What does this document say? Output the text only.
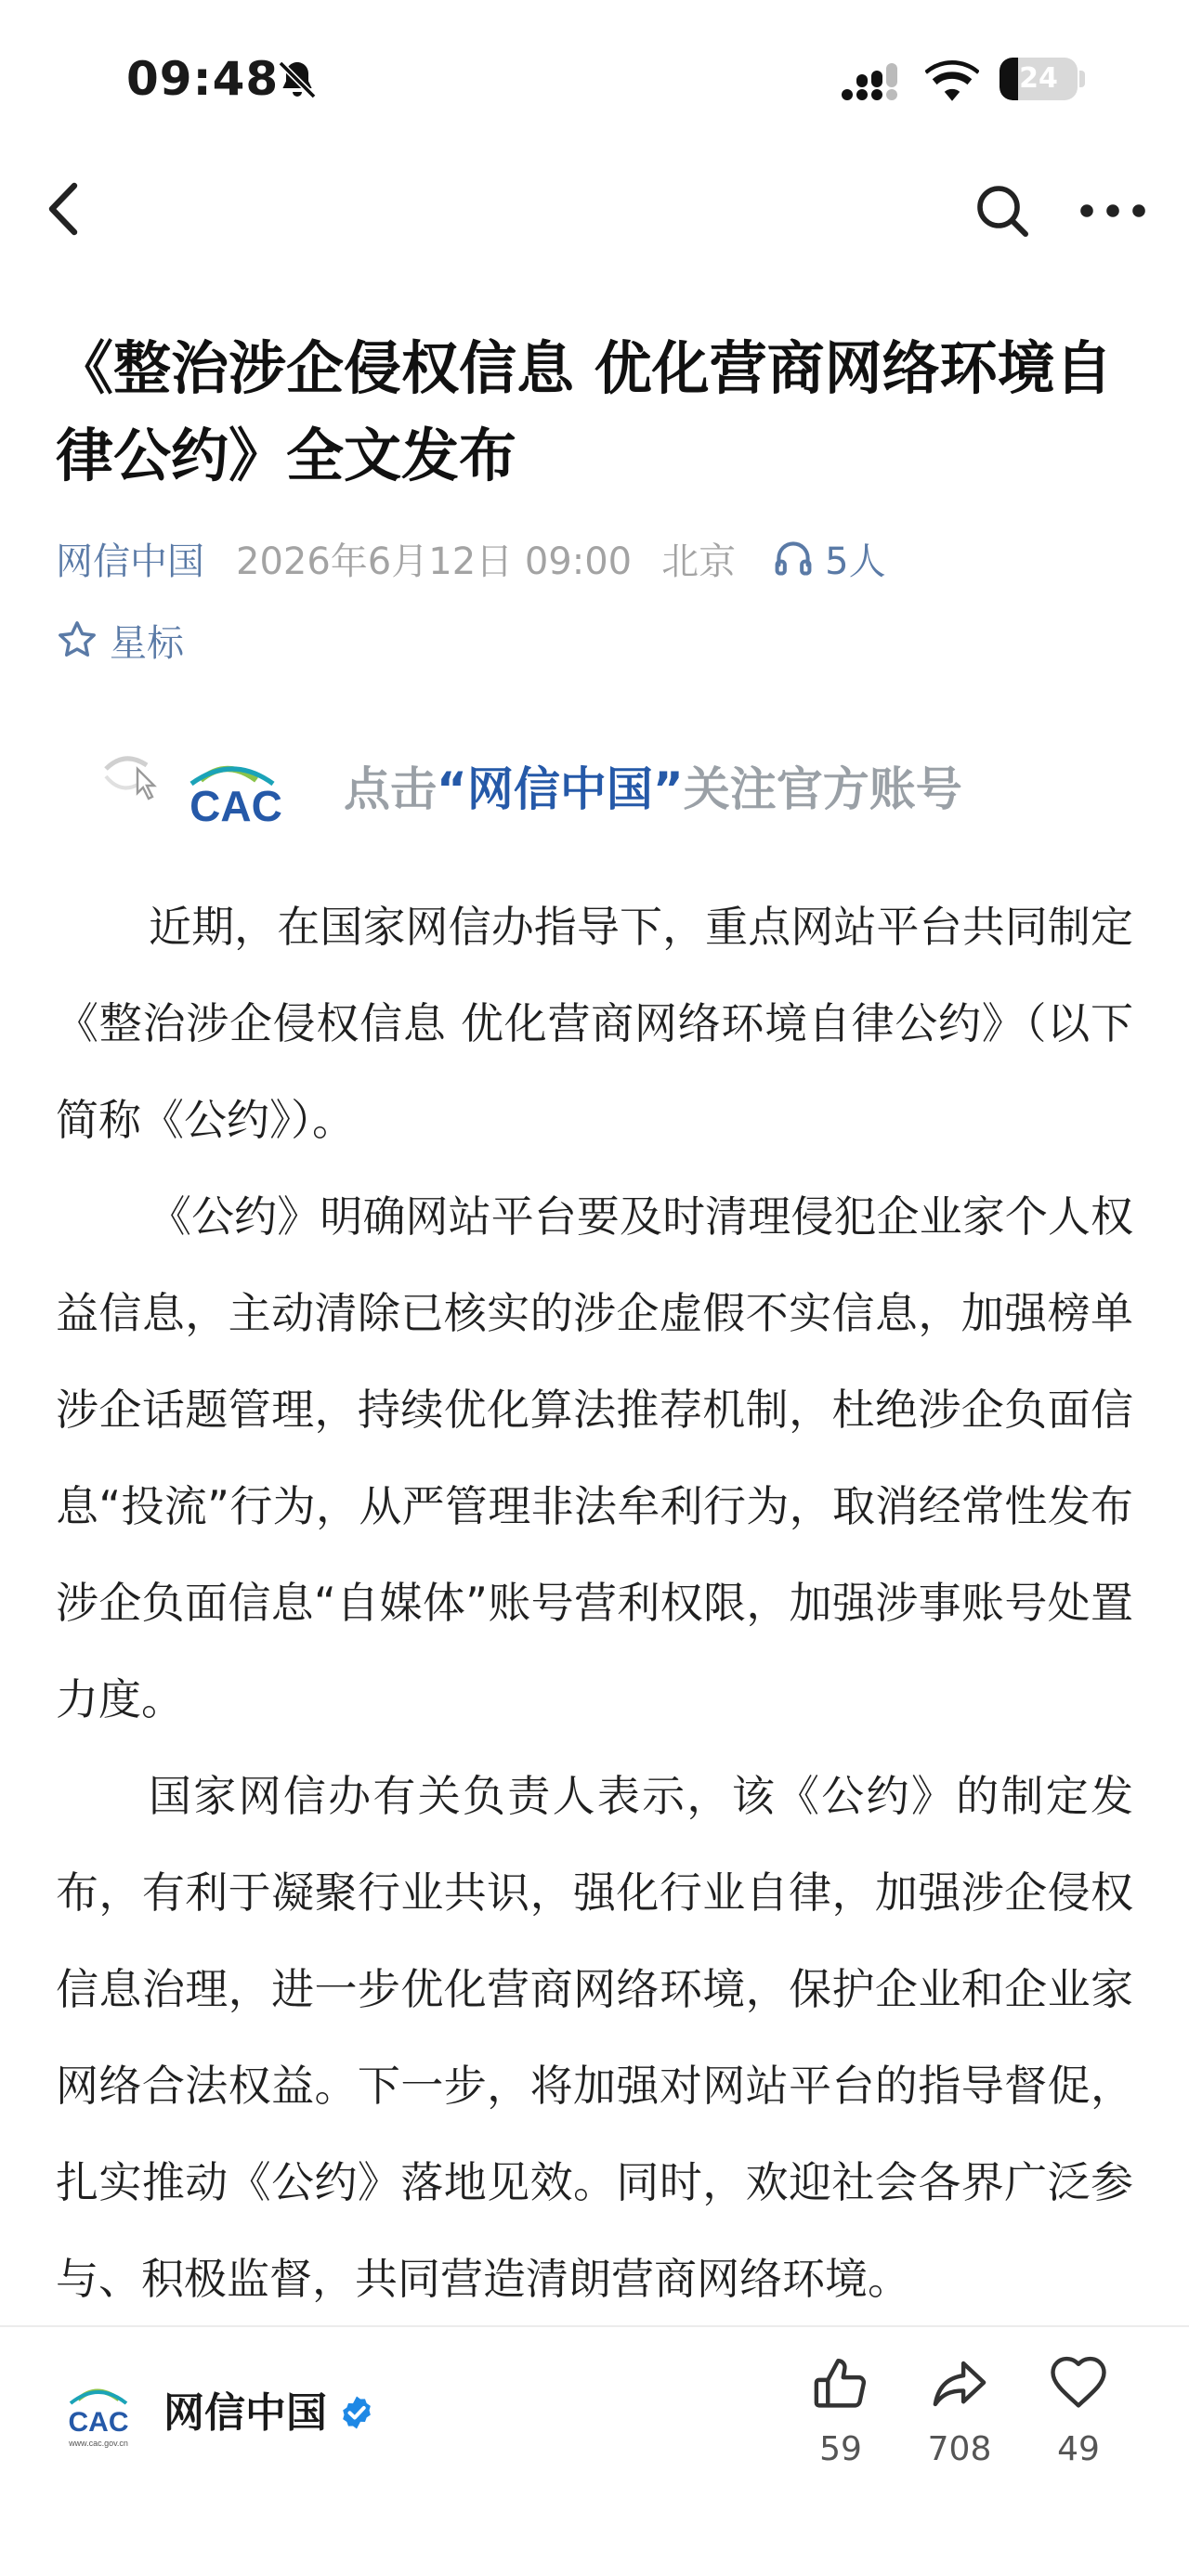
09:48	24
《整治涉企侵权信息 优化营商网络环境自律公约》全文发布
网信中国 2026年6月12日 09:00 北京 5人
星标
CAC 点击“网信中国”关注官方账号

近期，在国家网信办指导下，重点网站平台共同制定《整治涉企侵权信息 优化营商网络环境自律公约》（以下简称《公约》）。

《公约》明确网站平台要及时清理侵犯企业家个人权益信息，主动清除已核实的涉企虚假不实信息，加强榜单涉企话题管理，持续优化算法推荐机制，杜绝涉企负面信息“投流”行为，从严管理非法牟利行为，取消经常性发布涉企负面信息“自媒体”账号营利权限，加强涉事账号处置力度。

国家网信办有关负责人表示，该《公约》的制定发布，有利于凝聚行业共识，强化行业自律，加强涉企侵权信息治理，进一步优化营商网络环境，保护企业和企业家网络合法权益。下一步，将加强对网站平台的指导督促，扎实推动《公约》落地见效。同时，欢迎社会各界广泛参与、积极监督，共同营造清朗营商网络环境。

CAC
www.cac.gov.cn
网信中国
59	708	49
